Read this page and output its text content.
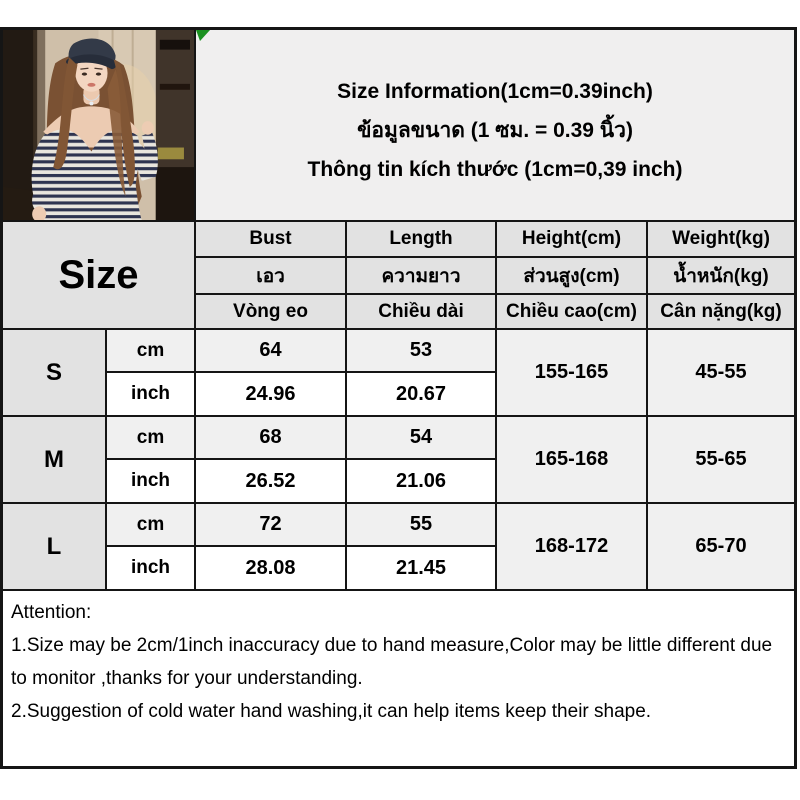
Size Information(1cm=0.39inch)
ข้อมูลขนาด (1 ซม. = 0.39 นิ้ว)
Thông tin kích thước (1cm=0,39 inch)
Size
Bust	Length	Height(cm)	Weight(kg)
เอว	ความยาว	ส่วนสูง(cm)	น้ำหนัก(kg)
Vòng eo	Chiều dài	Chiều cao(cm)	Cân nặng(kg)
S
cm	64	53
inch	24.96	20.67
155-165	45-55
M
cm	68	54
inch	26.52	21.06
165-168	55-65
L
cm	72	55
inch	28.08	21.45
168-172	65-70

Attention:

1.Size may be 2cm/1inch inaccuracy due to hand measure,Color may be little different due to monitor ,thanks for your understanding.

2.Suggestion of cold water hand washing,it can help items keep their shape.
